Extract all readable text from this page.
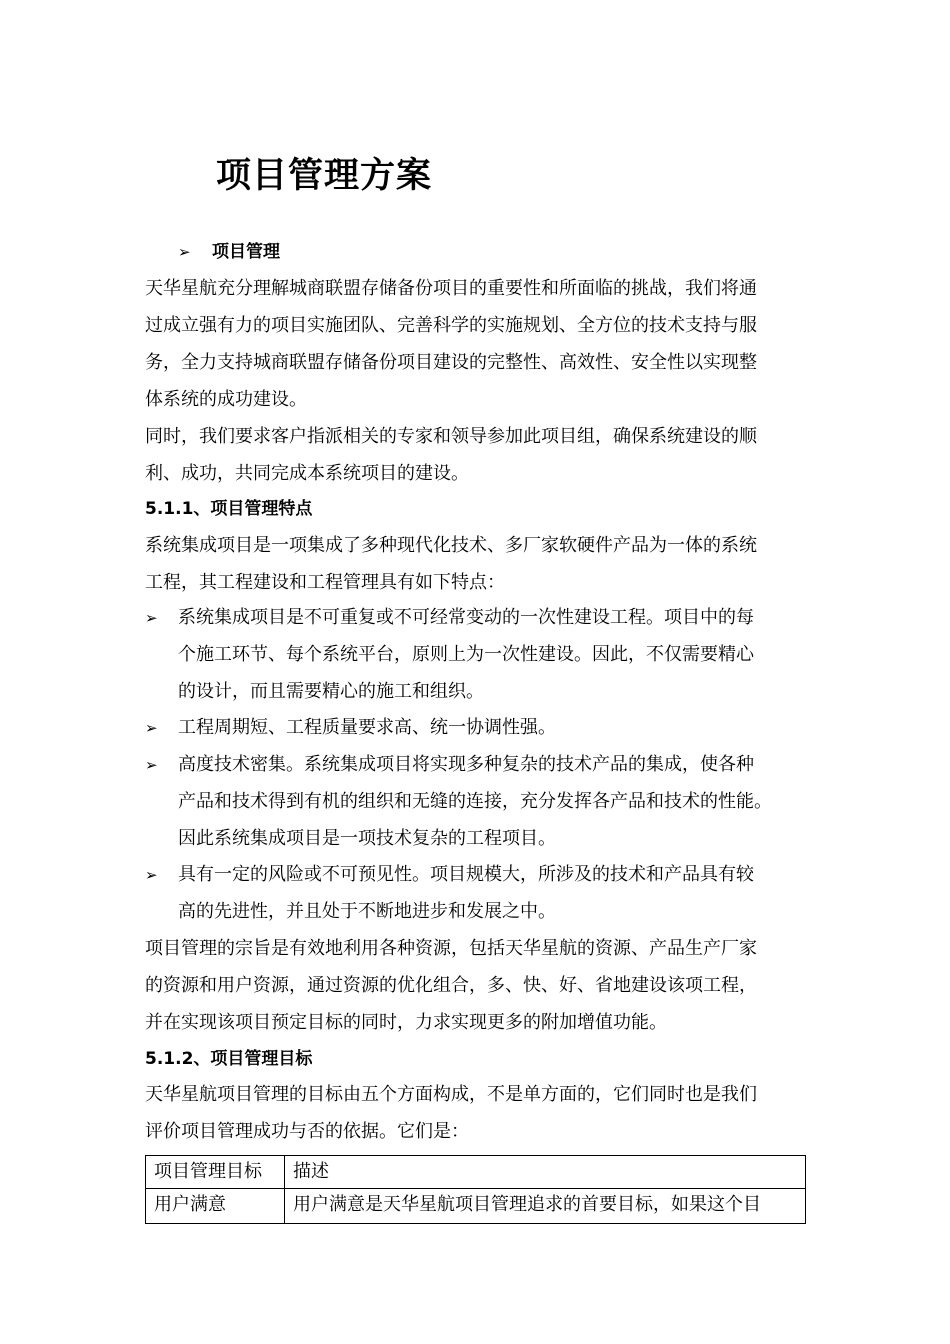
项目管理方案
➢ 项目管理
天华星航充分理解城商联盟存储备份项目的重要性和所面临的挑战，我们将通
过成立强有力的项目实施团队、完善科学的实施规划、全方位的技术支持与服
务，全力支持城商联盟存储备份项目建设的完整性、高效性、安全性以实现整
体系统的成功建设。
同时，我们要求客户指派相关的专家和领导参加此项目组，确保系统建设的顺
利、成功，共同完成本系统项目的建设。
5.1.1、项目管理特点
系统集成项目是一项集成了多种现代化技术、多厂家软硬件产品为一体的系统
工程，其工程建设和工程管理具有如下特点：
➢ 系统集成项目是不可重复或不可经常变动的一次性建设工程。项目中的每
个施工环节、每个系统平台，原则上为一次性建设。因此，不仅需要精心
的设计，而且需要精心的施工和组织。
➢ 工程周期短、工程质量要求高、统一协调性强。
➢ 高度技术密集。系统集成项目将实现多种复杂的技术产品的集成，使各种
产品和技术得到有机的组织和无缝的连接，充分发挥各产品和技术的性能。
因此系统集成项目是一项技术复杂的工程项目。
➢ 具有一定的风险或不可预见性。项目规模大，所涉及的技术和产品具有较
高的先进性，并且处于不断地进步和发展之中。
项目管理的宗旨是有效地利用各种资源，包括天华星航的资源、产品生产厂家
的资源和用户资源，通过资源的优化组合，多、快、好、省地建设该项工程，
并在实现该项目预定目标的同时，力求实现更多的附加增值功能。
5.1.2、项目管理目标
天华星航项目管理的目标由五个方面构成，不是单方面的，它们同时也是我们
评价项目管理成功与否的依据。它们是：
项目管理目标	描述
用户满意	用户满意是天华星航项目管理追求的首要目标，如果这个目
